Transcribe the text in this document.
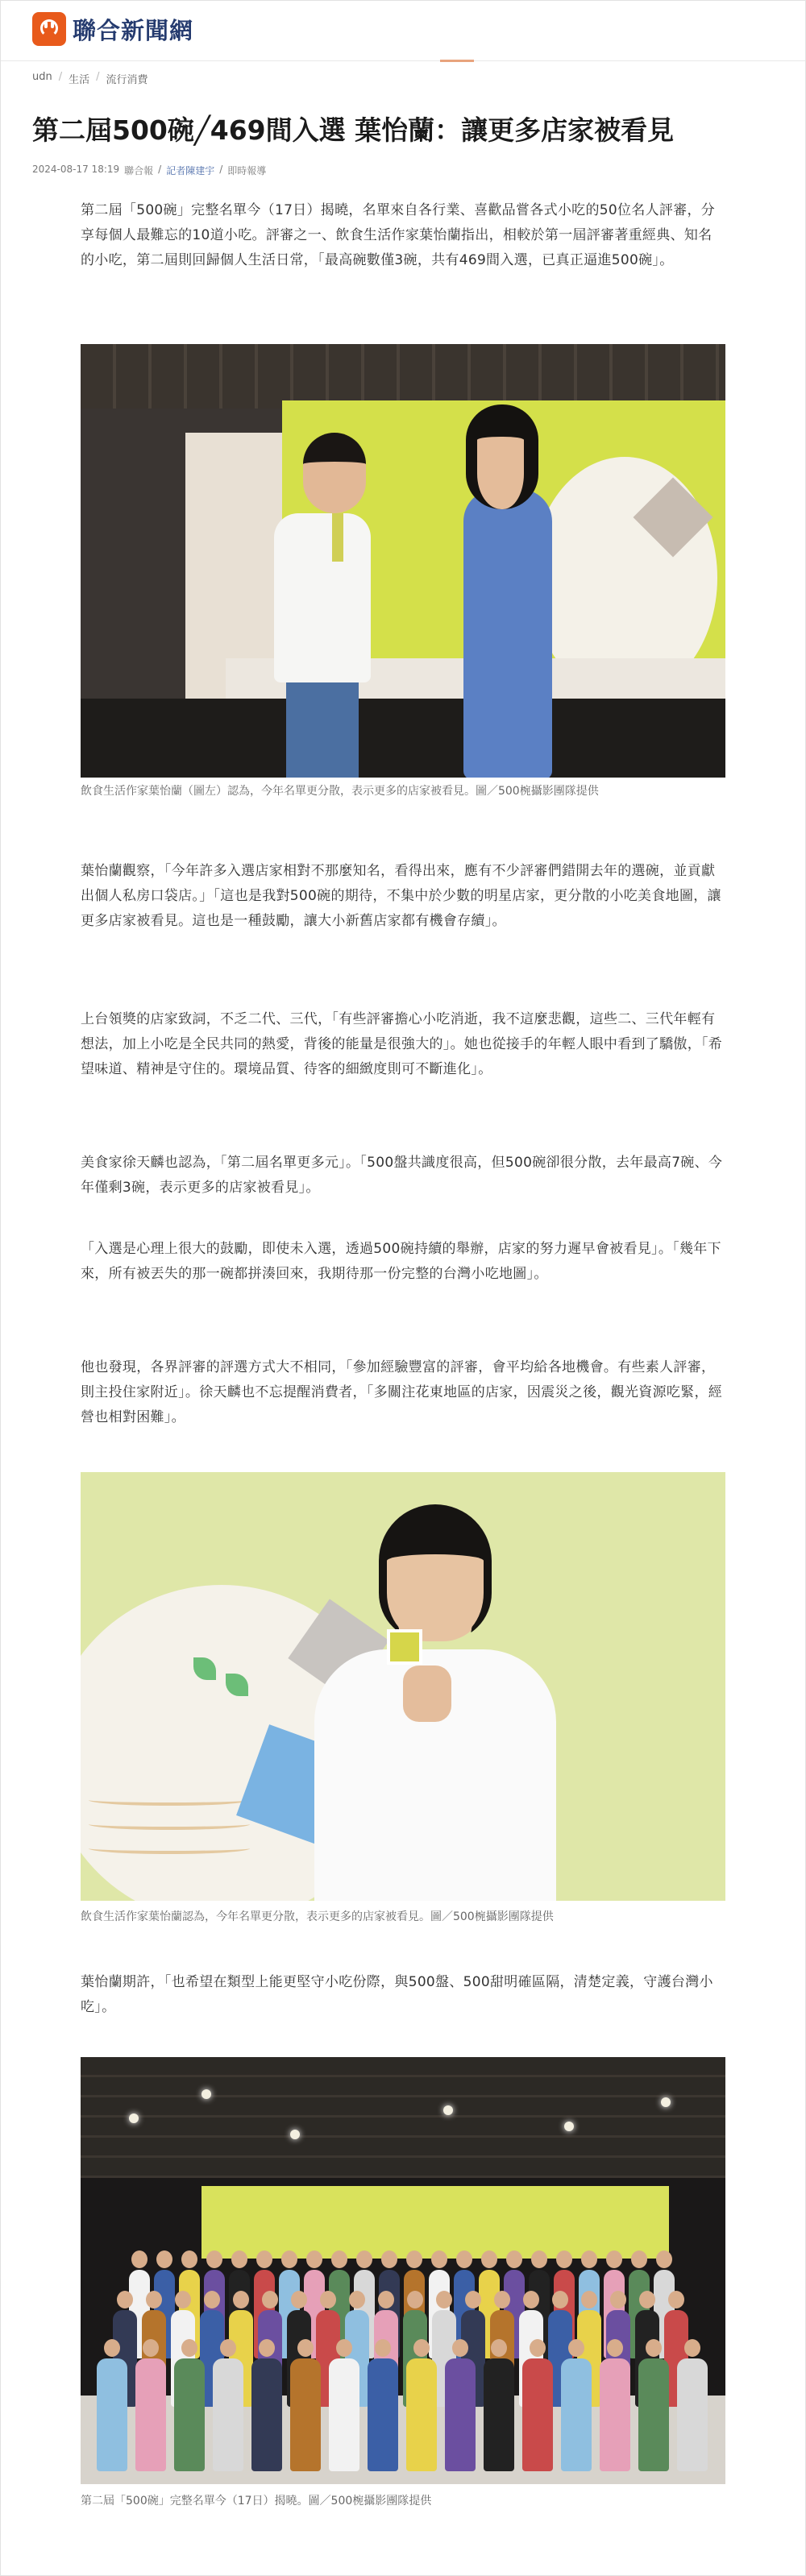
聯合新聞網
udn / 生活 / 流行消費
第二屆500碗╱469間入選 葉怡蘭：讓更多店家被看見
2024-08-17 18:19 聯合報 / 記者陳建宇 / 即時報導

第二屆「500碗」完整名單今（17日）揭曉，名單來自各行業、喜歡品嘗各式小吃的50位名人評審，分享每個人最難忘的10道小吃。評審之一、飲食生活作家葉怡蘭指出，相較於第一屆評審著重經典、知名的小吃，第二屆則回歸個人生活日常，「最高碗數僅3碗，共有469間入選，已真正逼進500碗」。

飲食生活作家葉怡蘭（圖左）認為，今年名單更分散，表示更多的店家被看見。圖／500椀攝影團隊提供

葉怡蘭觀察，「今年許多入選店家相對不那麼知名，看得出來，應有不少評審們錯開去年的選碗，並貢獻出個人私房口袋店。」「這也是我對500碗的期待，不集中於少數的明星店家，更分散的小吃美食地圖，讓更多店家被看見。這也是一種鼓勵，讓大小新舊店家都有機會存續」。

上台領獎的店家致詞，不乏二代、三代，「有些評審擔心小吃消逝，我不這麼悲觀，這些二、三代年輕有想法，加上小吃是全民共同的熱愛，背後的能量是很強大的」。她也從接手的年輕人眼中看到了驕傲，「希望味道、精神是守住的。環境品質、待客的細緻度則可不斷進化」。

美食家徐天麟也認為，「第二屆名單更多元」。「500盤共識度很高，但500碗卻很分散，去年最高7碗、今年僅剩3碗，表示更多的店家被看見」。

「入選是心理上很大的鼓勵，即使未入選，透過500碗持續的舉辦，店家的努力遲早會被看見」。「幾年下來，所有被丟失的那一碗都拼湊回來，我期待那一份完整的台灣小吃地圖」。

他也發現，各界評審的評選方式大不相同，「參加經驗豐富的評審，會平均給各地機會。有些素人評審，則主投住家附近」。徐天麟也不忘提醒消費者，「多關注花東地區的店家，因震災之後，觀光資源吃緊，經營也相對困難」。

飲食生活作家葉怡蘭認為，今年名單更分散，表示更多的店家被看見。圖／500椀攝影團隊提供

葉怡蘭期許，「也希望在類型上能更堅守小吃份際，與500盤、500甜明確區隔，清楚定義，守護台灣小吃」。

第二屆「500碗」完整名單今（17日）揭曉。圖／500椀攝影團隊提供
